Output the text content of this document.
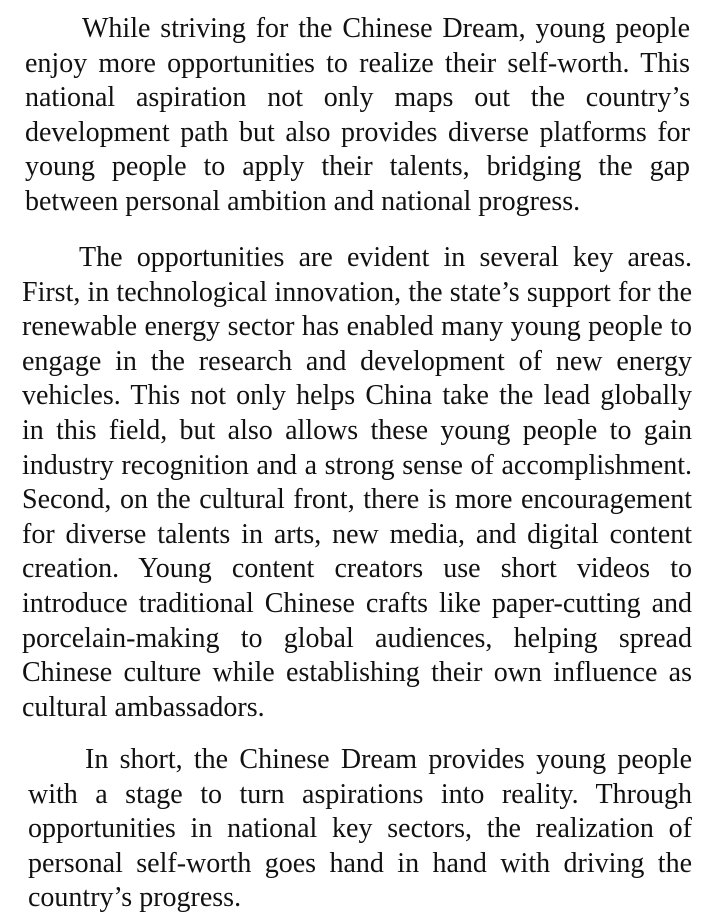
While striving for the Chinese Dream, young people enjoy more opportunities to realize their self-worth. This national aspiration not only maps out the country’s development path but also provides diverse platforms for young people to apply their talents, bridging the gap between personal ambition and national progress.

The opportunities are evident in several key areas. First, in technological innovation, the state’s support for the renewable energy sector has enabled many young people to engage in the research and development of new energy vehicles. This not only helps China take the lead globally in this field, but also allows these young people to gain industry recognition and a strong sense of accomplishment. Second, on the cultural front, there is more encouragement for diverse talents in arts, new media, and digital content creation. Young content creators use short videos to introduce traditional Chinese crafts like paper-cutting and porcelain-making to global audiences, helping spread Chinese culture while establishing their own influence as cultural ambassadors.

In short, the Chinese Dream provides young people with a stage to turn aspirations into reality. Through opportunities in national key sectors, the realization of personal self-worth goes hand in hand with driving the country’s progress.
